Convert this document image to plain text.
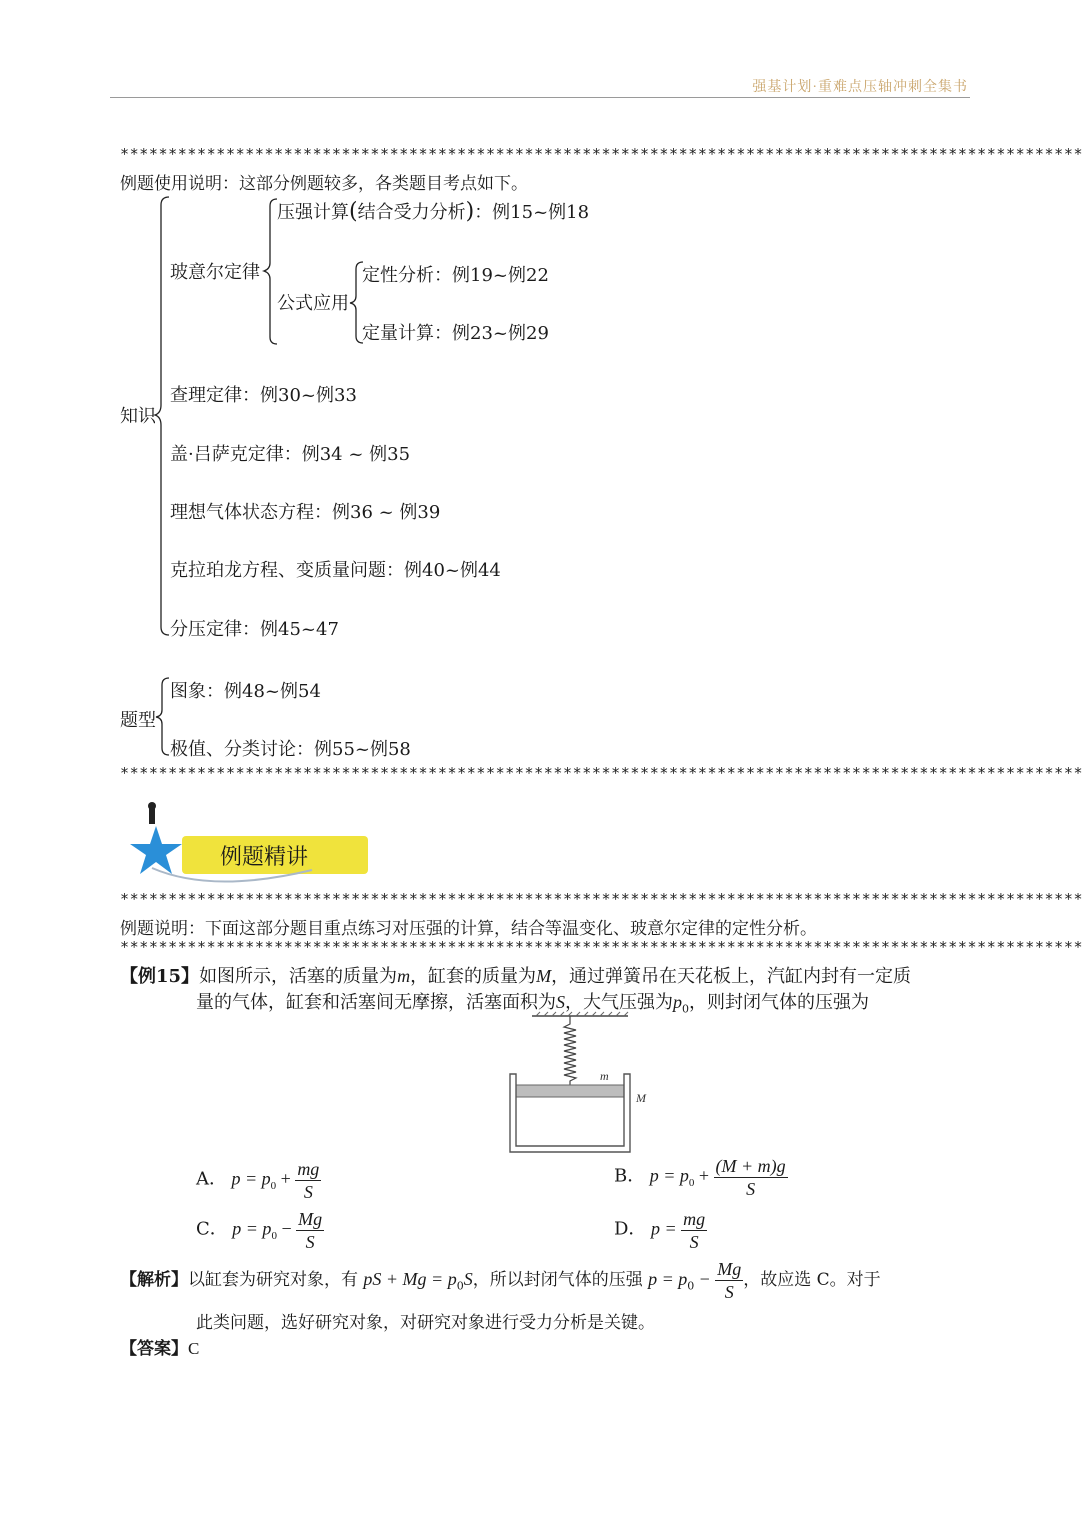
强基计划·重难点压轴冲刺全集书
****************************************************************************************************
例题使用说明：这部分例题较多，各类题目考点如下。
知识
玻意尔定律
压强计算(结合受力分析)：例15~例18
公式应用
定性分析：例19~例22
定量计算：例23~例29
查理定律：例30~例33
盖·吕萨克定律：例34 ~ 例35
理想气体状态方程：例36 ~ 例39
克拉珀龙方程、变质量问题：例40~例44
分压定律：例45~47
题型
图象：例48~例54
极值、分类讨论：例55~例58
****************************************************************************************************
例题精讲
****************************************************************************************************
例题说明：下面这部分题目重点练习对压强的计算，结合等温变化、玻意尔定律的定性分析。
****************************************************************************************************
【例15】如图所示，活塞的质量为m，缸套的质量为M，通过弹簧吊在天花板上，汽缸内封有一定质
量的气体，缸套和活塞间无摩擦，活塞面积为S，大气压强为$p_0$，则封闭气体的压强为
m
M
A． $p = p_0 + \frac{mg}{S}$	B． $p = p_0 + \frac{(M + m)g}{S}$
C． $p = p_0 - \frac{Mg}{S}$	D． $p = \frac{mg}{S}$
【解析】以缸套为研究对象，有 pS + $Mg = p_0S$，所以封闭气体的压强 $p = p_0 - \frac{Mg}{S}$ ，故应选 C。对于
此类问题，选好研究对象，对研究对象进行受力分析是关键。
【答案】C
